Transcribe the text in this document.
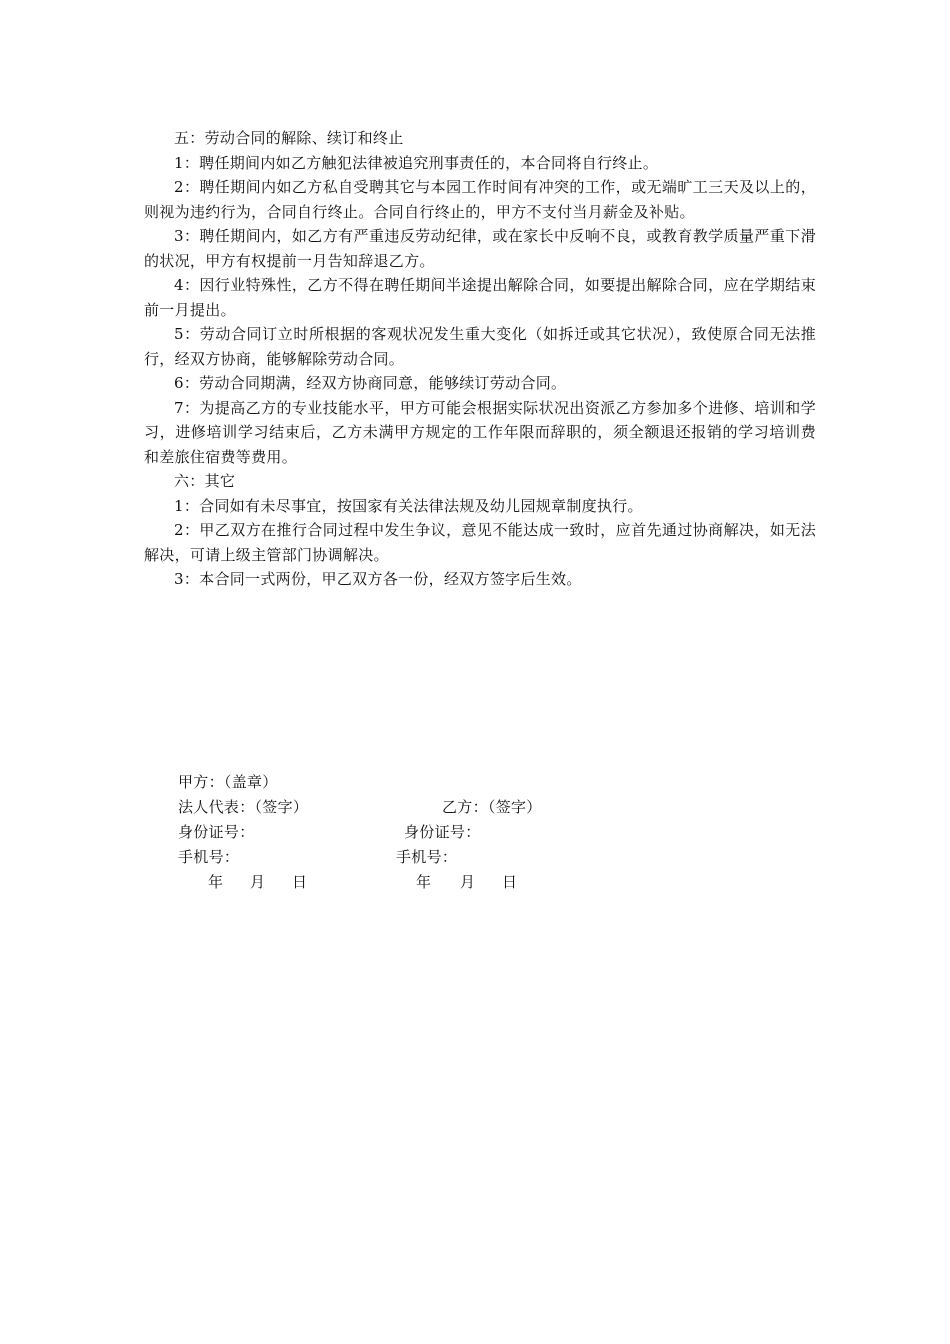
五：劳动合同的解除、续订和终止

1：聘任期间内如乙方触犯法律被追究刑事责任的，本合同将自行终止。

2：聘任期间内如乙方私自受聘其它与本园工作时间有冲突的工作，或无端旷工三天及以上的，则视为违约行为，合同自行终止。合同自行终止的，甲方不支付当月薪金及补贴。

3：聘任期间内，如乙方有严重违反劳动纪律，或在家长中反响不良，或教育教学质量严重下滑的状况，甲方有权提前一月告知辞退乙方。

4：因行业特殊性，乙方不得在聘任期间半途提出解除合同，如要提出解除合同，应在学期结束前一月提出。

5：劳动合同订立时所根据的客观状况发生重大变化（如拆迁或其它状况），致使原合同无法推行，经双方协商，能够解除劳动合同。

6：劳动合同期满，经双方协商同意，能够续订劳动合同。

7：为提高乙方的专业技能水平，甲方可能会根据实际状况出资派乙方参加多个进修、培训和学习，进修培训学习结束后，乙方未满甲方规定的工作年限而辞职的，须全额退还报销的学习培训费和差旅住宿费等费用。

六：其它

1：合同如有未尽事宜，按国家有关法律法规及幼儿园规章制度执行。

2：甲乙双方在推行合同过程中发生争议，意见不能达成一致时，应首先通过协商解决，如无法解决，可请上级主管部门协调解决。

3：本合同一式两份，甲乙双方各一份，经双方签字后生效。

甲方：（盖章）
法人代表：（签字）	乙方：（签字）
身份证号：	身份证号：
手机号：	手机号：
年 月 日	年 月 日
